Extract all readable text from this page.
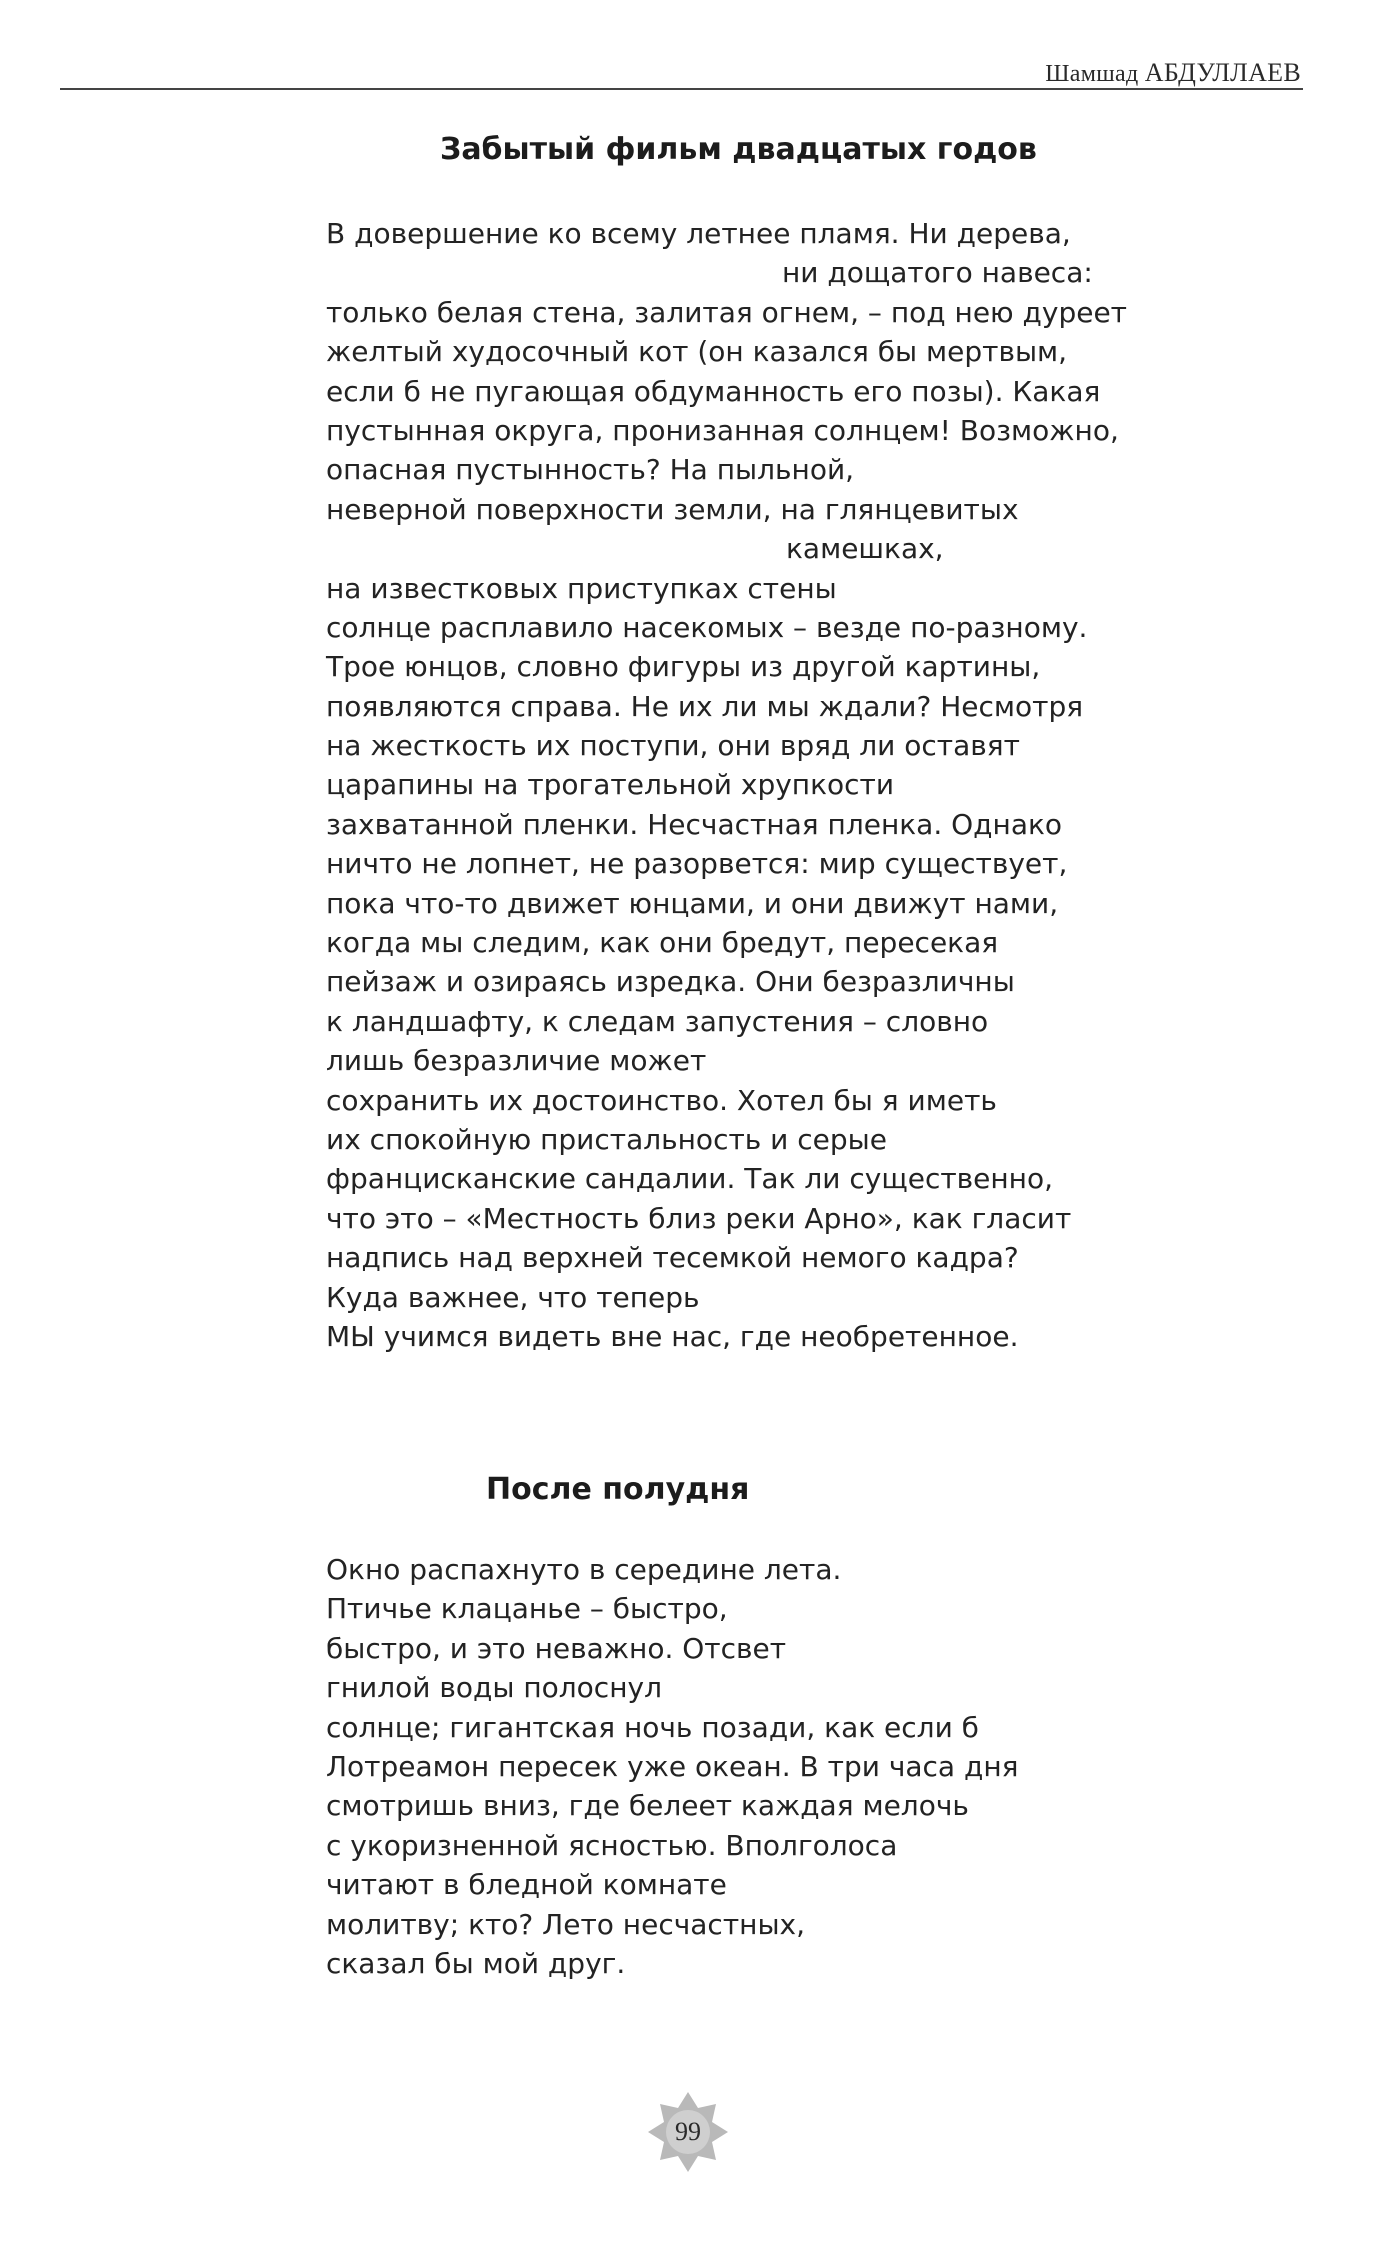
Шамшад АБДУЛЛАЕВ
Забытый фильм двадцатых годов
В довершение ко всему летнее пламя. Ни дерева,
ни дощатого навеса:
только белая стена, залитая огнем, – под нею дуреет
желтый худосочный кот (он казался бы мертвым,
если б не пугающая обдуманность его позы). Какая
пустынная округа, пронизанная солнцем! Возможно,
опасная пустынность? На пыльной,
неверной поверхности земли, на глянцевитых
камешках,
на известковых приступках стены
солнце расплавило насекомых – везде по-разному.
Трое юнцов, словно фигуры из другой картины,
появляются справа. Не их ли мы ждали? Несмотря
на жесткость их поступи, они вряд ли оставят
царапины на трогательной хрупкости
захватанной пленки. Несчастная пленка. Однако
ничто не лопнет, не разорвется: мир существует,
пока что-то движет юнцами, и они движут нами,
когда мы следим, как они бредут, пересекая
пейзаж и озираясь изредка. Они безразличны
к ландшафту, к следам запустения – словно
лишь безразличие может
сохранить их достоинство. Хотел бы я иметь
их спокойную пристальность и серые
францисканские сандалии. Так ли существенно,
что это – «Местность близ реки Арно», как гласит
надпись над верхней тесемкой немого кадра?
Куда важнее, что теперь
МЫ учимся видеть вне нас, где необретенное.
После полудня
Окно распахнуто в середине лета.
Птичье клацанье – быстро,
быстро, и это неважно. Отсвет
гнилой воды полоснул
солнце; гигантская ночь позади, как если б
Лотреамон пересек уже океан. В три часа дня
смотришь вниз, где белеет каждая мелочь
с укоризненной ясностью. Вполголоса
читают в бледной комнате
молитву; кто? Лето несчастных,
сказал бы мой друг.
99
